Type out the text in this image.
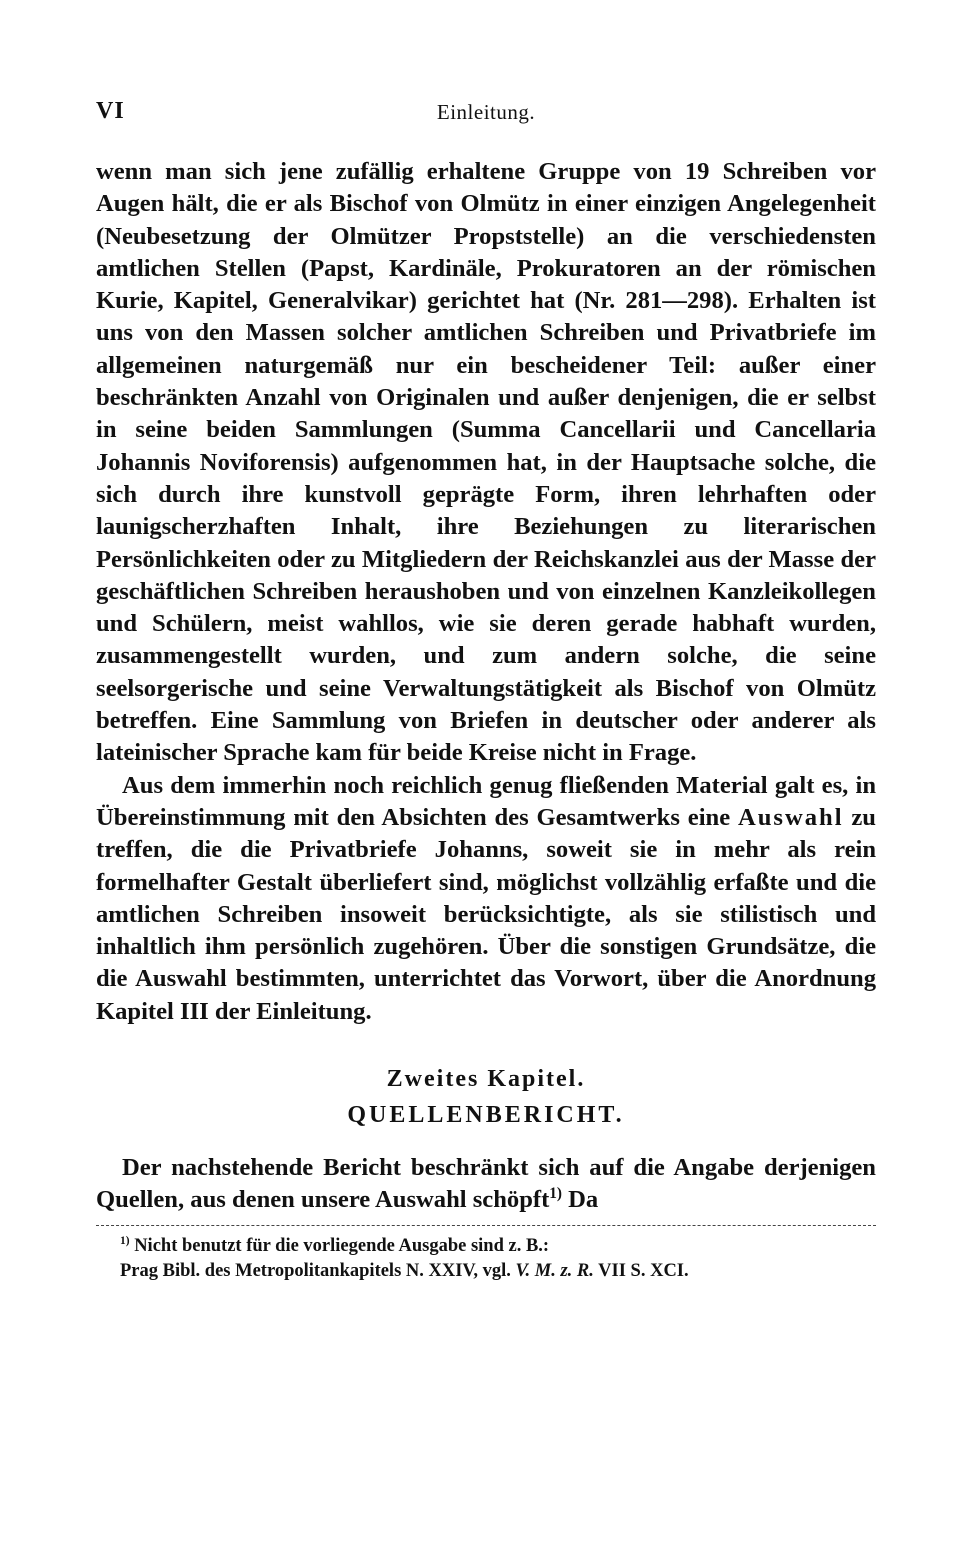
VI	Einleitung.

wenn man sich jene zufällig erhaltene Gruppe von 19 Schreiben vor Augen hält, die er als Bischof von Olmütz in einer einzigen Angelegenheit (Neubesetzung der Olmützer Propststelle) an die verschiedensten amtlichen Stellen (Papst, Kardinäle, Prokuratoren an der römischen Kurie, Kapitel, Generalvikar) gerichtet hat (Nr. 281—298). Erhalten ist uns von den Massen solcher amtlichen Schreiben und Privatbriefe im allgemeinen naturgemäß nur ein bescheidener Teil: außer einer beschränkten Anzahl von Originalen und außer denjenigen, die er selbst in seine beiden Sammlungen (Summa Cancellarii und Cancellaria Johannis Noviforensis) aufgenommen hat, in der Hauptsache solche, die sich durch ihre kunstvoll geprägte Form, ihren lehrhaften oder launigscherzhaften Inhalt, ihre Beziehungen zu literarischen Persönlichkeiten oder zu Mitgliedern der Reichskanzlei aus der Masse der geschäftlichen Schreiben heraushoben und von einzelnen Kanzleikollegen und Schülern, meist wahllos, wie sie deren gerade habhaft wurden, zusammengestellt wurden, und zum andern solche, die seine seelsorgerische und seine Verwaltungstätigkeit als Bischof von Olmütz betreffen. Eine Sammlung von Briefen in deutscher oder anderer als lateinischer Sprache kam für beide Kreise nicht in Frage.

Aus dem immerhin noch reichlich genug fließenden Material galt es, in Übereinstimmung mit den Absichten des Gesamtwerks eine Auswahl zu treffen, die die Privatbriefe Johanns, soweit sie in mehr als rein formelhafter Gestalt überliefert sind, möglichst vollzählig erfaßte und die amtlichen Schreiben insoweit berücksichtigte, als sie stilistisch und inhaltlich ihm persönlich zugehören. Über die sonstigen Grundsätze, die die Auswahl bestimmten, unterrichtet das Vorwort, über die Anordnung Kapitel III der Einleitung.

Zweites Kapitel.
QUELLENBERICHT.

Der nachstehende Bericht beschränkt sich auf die Angabe derjenigen Quellen, aus denen unsere Auswahl schöpft$^{1)}$ Da

$^{1)}$ Nicht benutzt für die vorliegende Ausgabe sind z. B.:

Prag Bibl. des Metropolitankapitels N. XXIV, vgl. V. M. z. R. VII S. XCI.
